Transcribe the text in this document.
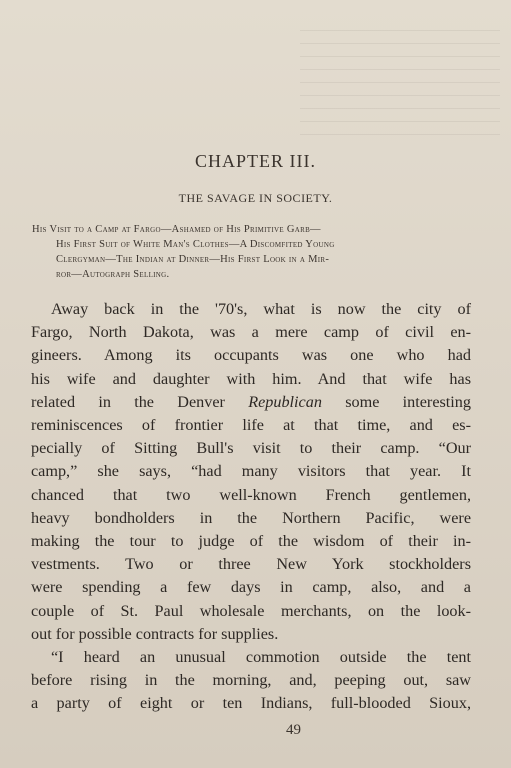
CHAPTER III.
THE SAVAGE IN SOCIETY.
His Visit to a Camp at Fargo—Ashamed of His Primitive Garb—
His First Suit of White Man's Clothes—A Discomfited Young
Clergyman—The Indian at Dinner—His First Look in a Mir-
ror—Autograph Selling.
Away back in the '70's, what is now the city of
Fargo, North Dakota, was a mere camp of civil en-
gineers. Among its occupants was one who had
his wife and daughter with him. And that wife has
related in the Denver Republican some interesting
reminiscences of frontier life at that time, and es-
pecially of Sitting Bull's visit to their camp. “Our
camp,” she says, “had many visitors that year. It
chanced that two well-known French gentlemen,
heavy bondholders in the Northern Pacific, were
making the tour to judge of the wisdom of their in-
vestments. Two or three New York stockholders
were spending a few days in camp, also, and a
couple of St. Paul wholesale merchants, on the look-
out for possible contracts for supplies.
“I heard an unusual commotion outside the tent
before rising in the morning, and, peeping out, saw
a party of eight or ten Indians, full-blooded Sioux,
49
